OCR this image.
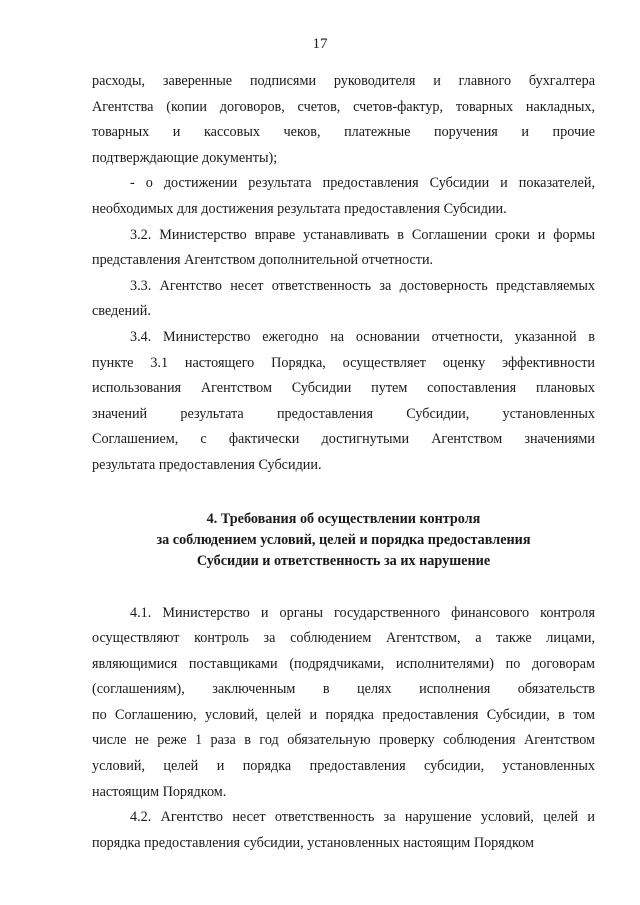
17
расходы, заверенные подписями руководителя и главного бухгалтера
Агентства (копии договоров, счетов, счетов-фактур, товарных накладных,
товарных и кассовых чеков, платежные поручения и прочие
подтверждающие документы);
- о достижении результата предоставления Субсидии и показателей,
необходимых для достижения результата предоставления Субсидии.
3.2. Министерство вправе устанавливать в Соглашении сроки и формы
представления Агентством дополнительной отчетности.
3.3. Агентство несет ответственность за достоверность представляемых
сведений.
3.4. Министерство ежегодно на основании отчетности, указанной в
пункте 3.1 настоящего Порядка, осуществляет оценку эффективности
использования Агентством Субсидии путем сопоставления плановых
значений результата предоставления Субсидии, установленных
Соглашением, с фактически достигнутыми Агентством значениями
результата предоставления Субсидии.
4. Требования об осуществлении контроля
за соблюдением условий, целей и порядка предоставления
Субсидии и ответственность за их нарушение
4.1. Министерство и органы государственного финансового контроля
осуществляют контроль за соблюдением Агентством, а также лицами,
являющимися поставщиками (подрядчиками, исполнителями) по договорам
(соглашениям), заключенным в целях исполнения обязательств
по Соглашению, условий, целей и порядка предоставления Субсидии, в том
числе не реже 1 раза в год обязательную проверку соблюдения Агентством
условий, целей и порядка предоставления субсидии, установленных
настоящим Порядком.
4.2. Агентство несет ответственность за нарушение условий, целей и
порядка предоставления субсидии, установленных настоящим Порядком
